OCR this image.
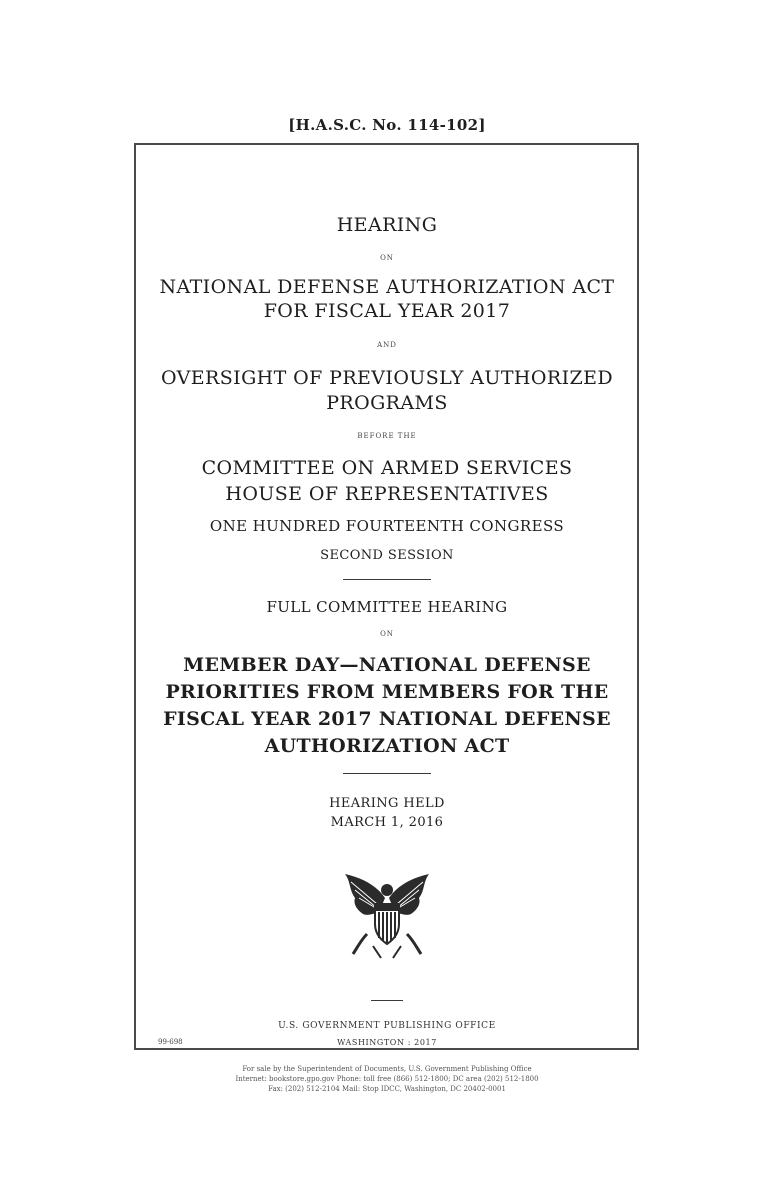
[H.A.S.C. No. 114-102]
HEARING
ON
NATIONAL DEFENSE AUTHORIZATION ACT
FOR FISCAL YEAR 2017
AND
OVERSIGHT OF PREVIOUSLY AUTHORIZED
PROGRAMS
BEFORE THE
COMMITTEE ON ARMED SERVICES
HOUSE OF REPRESENTATIVES
ONE HUNDRED FOURTEENTH CONGRESS
SECOND SESSION
FULL COMMITTEE HEARING
ON
MEMBER DAY—NATIONAL DEFENSE
PRIORITIES FROM MEMBERS FOR THE
FISCAL YEAR 2017 NATIONAL DEFENSE
AUTHORIZATION ACT
HEARING HELD
MARCH 1, 2016
U.S. GOVERNMENT PUBLISHING OFFICE
99-698	WASHINGTON : 2017
For sale by the Superintendent of Documents, U.S. Government Publishing Office
Internet: bookstore.gpo.gov Phone: toll free (866) 512-1800; DC area (202) 512-1800
Fax: (202) 512-2104 Mail: Stop IDCC, Washington, DC 20402-0001
